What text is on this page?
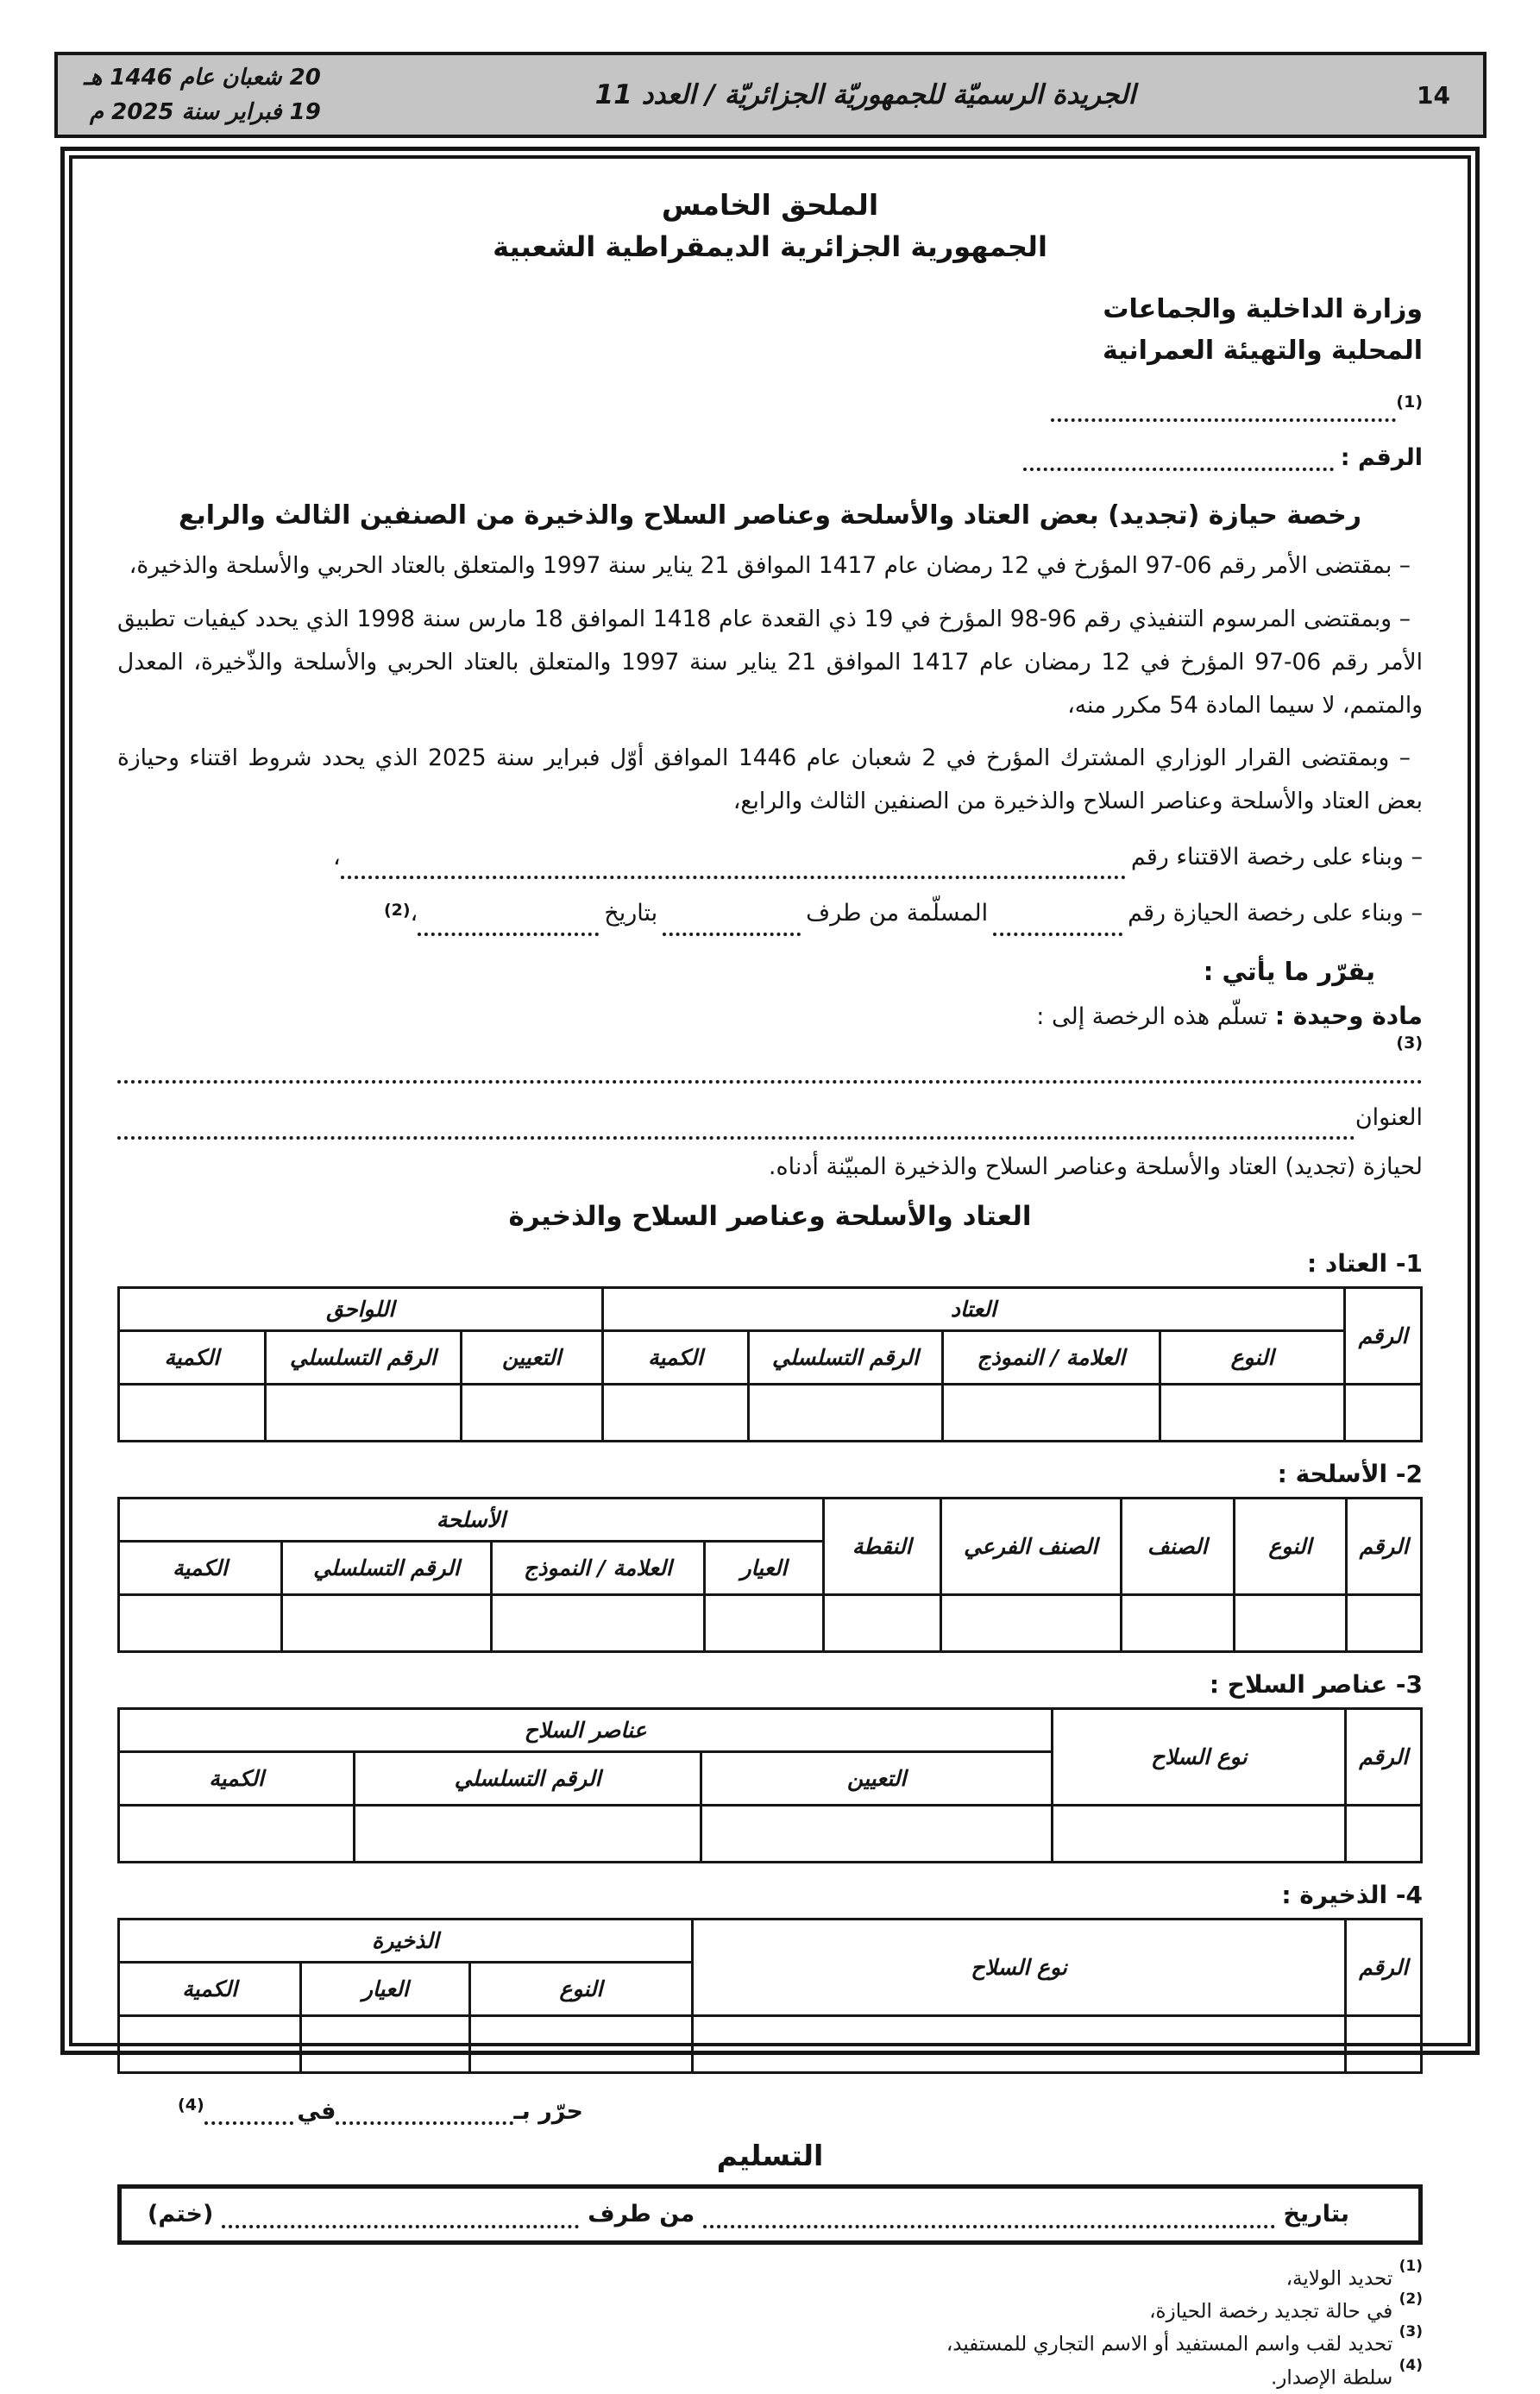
14
الجريدة الرسميّة للجمهوريّة الجزائريّة / العدد 11
20 شعبان عام 1446 هـ
19 فبراير سنة 2025 م
الملحق الخامس
الجمهورية الجزائرية الديمقراطية الشعبية
وزارة الداخلية والجماعات
المحلية والتهيئة العمرانية
(1)
الرقم :
رخصة حيازة (تجديد) بعض العتاد والأسلحة وعناصر السلاح والذخيرة من الصنفين الثالث والرابع

– بمقتضى الأمر رقم 06-97 المؤرخ في 12 رمضان عام 1417 الموافق 21 يناير سنة 1997 والمتعلق بالعتاد الحربي والأسلحة والذخيرة،

– وبمقتضى المرسوم التنفيذي رقم 96-98 المؤرخ في 19 ذي القعدة عام 1418 الموافق 18 مارس سنة 1998 الذي يحدد كيفيات تطبيق الأمر رقم 06-97 المؤرخ في 12 رمضان عام 1417 الموافق 21 يناير سنة 1997 والمتعلق بالعتاد الحربي والأسلحة والذّخيرة، المعدل والمتمم، لا سيما المادة 54 مكرر منه،

– وبمقتضى القرار الوزاري المشترك المؤرخ في 2 شعبان عام 1446 الموافق أوّل فبراير سنة 2025 الذي يحدد شروط اقتناء وحيازة بعض العتاد والأسلحة وعناصر السلاح والذخيرة من الصنفين الثالث والرابع،

– وبناء على رخصة الاقتناء رقم
،
– وبناء على رخصة الحيازة رقم
المسلّمة من طرف
بتاريخ
،
(2)
يقرّر ما يأتي :
مادة وحيدة : تسلّم هذه الرخصة إلى :
(3)
العنوان
لحيازة (تجديد) العتاد والأسلحة وعناصر السلاح والذخيرة المبيّنة أدناه.
العتاد والأسلحة وعناصر السلاح والذخيرة
1- العتاد :
الرقم	العتاد				اللواحق		
	النوع	العلامة / النموذج	الرقم التسلسلي	الكمية	التعيين	الرقم التسلسلي	الكمية

2- الأسلحة :
الرقم	النوع	الصنف	الصنف الفرعي	النقطة	الأسلحة			
					العيار	العلامة / النموذج	الرقم التسلسلي	الكمية

3- عناصر السلاح :
الرقم	نوع السلاح	عناصر السلاح		
		التعيين	الرقم التسلسلي	الكمية

4- الذخيرة :
الرقم	نوع السلاح	الذخيرة		
		النوع	العيار	الكمية

حرّر بـ
في
(4)
التسليم
بتاريخ
من طرف
(ختم)
$^{(1)}$ تحديد الولاية،
$^{(2)}$ في حالة تجديد رخصة الحيازة،
$^{(3)}$ تحديد لقب واسم المستفيد أو الاسم التجاري للمستفيد،
$^{(4)}$ سلطة الإصدار.
